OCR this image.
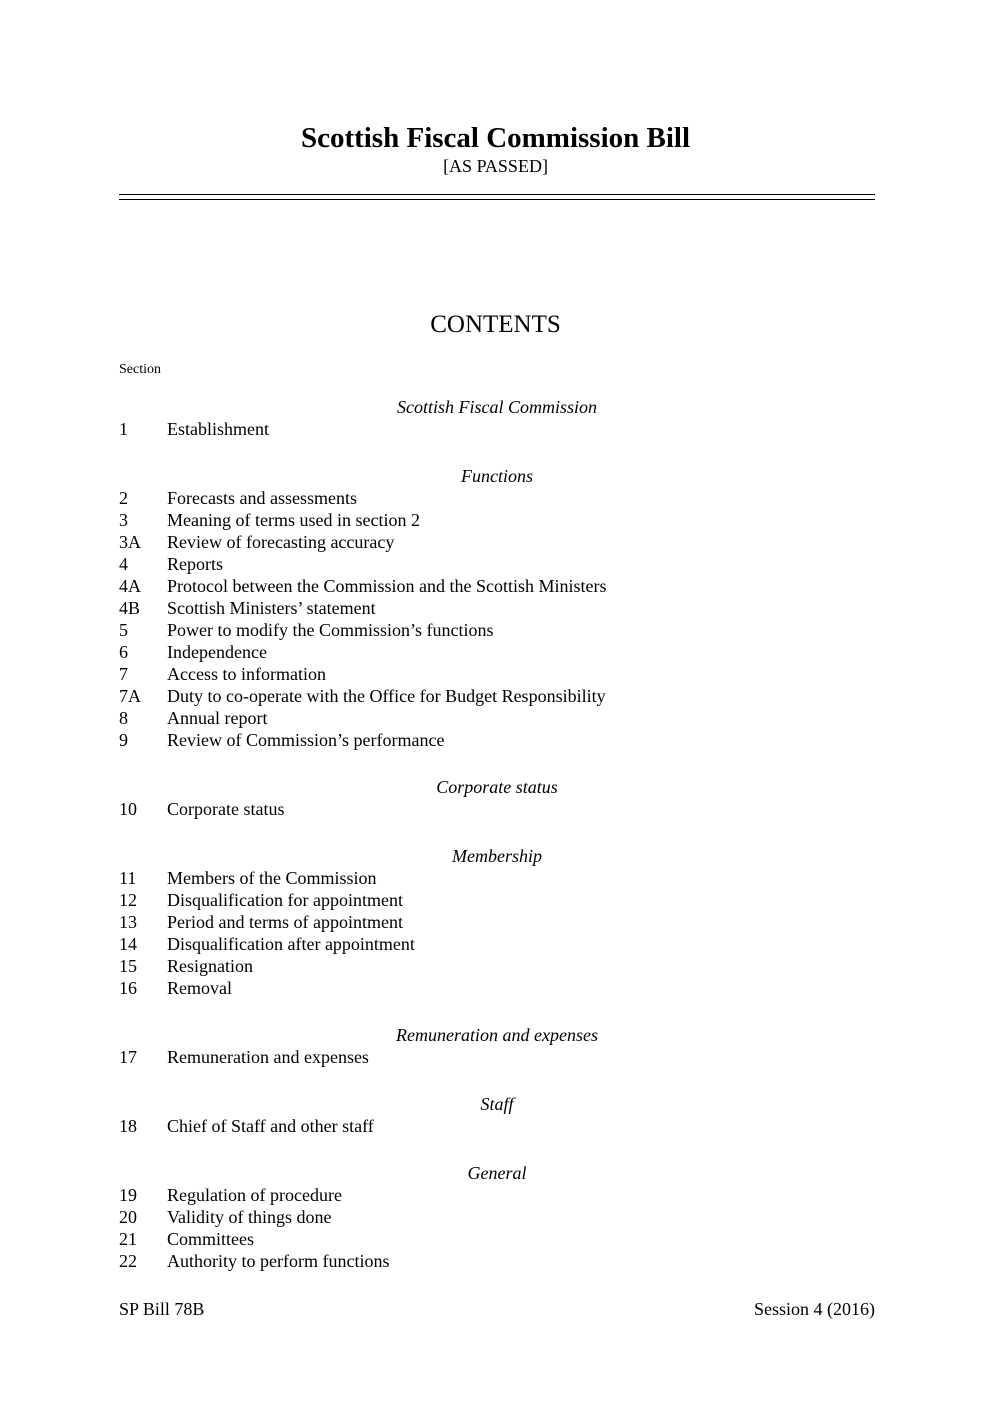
Scottish Fiscal Commission Bill
[AS PASSED]
CONTENTS
Section
Scottish Fiscal Commission
1	Establishment
Functions
2	Forecasts and assessments
3	Meaning of terms used in section 2
3A	Review of forecasting accuracy
4	Reports
4A	Protocol between the Commission and the Scottish Ministers
4B	Scottish Ministers’ statement
5	Power to modify the Commission’s functions
6	Independence
7	Access to information
7A	Duty to co-operate with the Office for Budget Responsibility
8	Annual report
9	Review of Commission’s performance
Corporate status
10	Corporate status
Membership
11	Members of the Commission
12	Disqualification for appointment
13	Period and terms of appointment
14	Disqualification after appointment
15	Resignation
16	Removal
Remuneration and expenses
17	Remuneration and expenses
Staff
18	Chief of Staff and other staff
General
19	Regulation of procedure
20	Validity of things done
21	Committees
22	Authority to perform functions
SP Bill 78B	Session 4 (2016)
